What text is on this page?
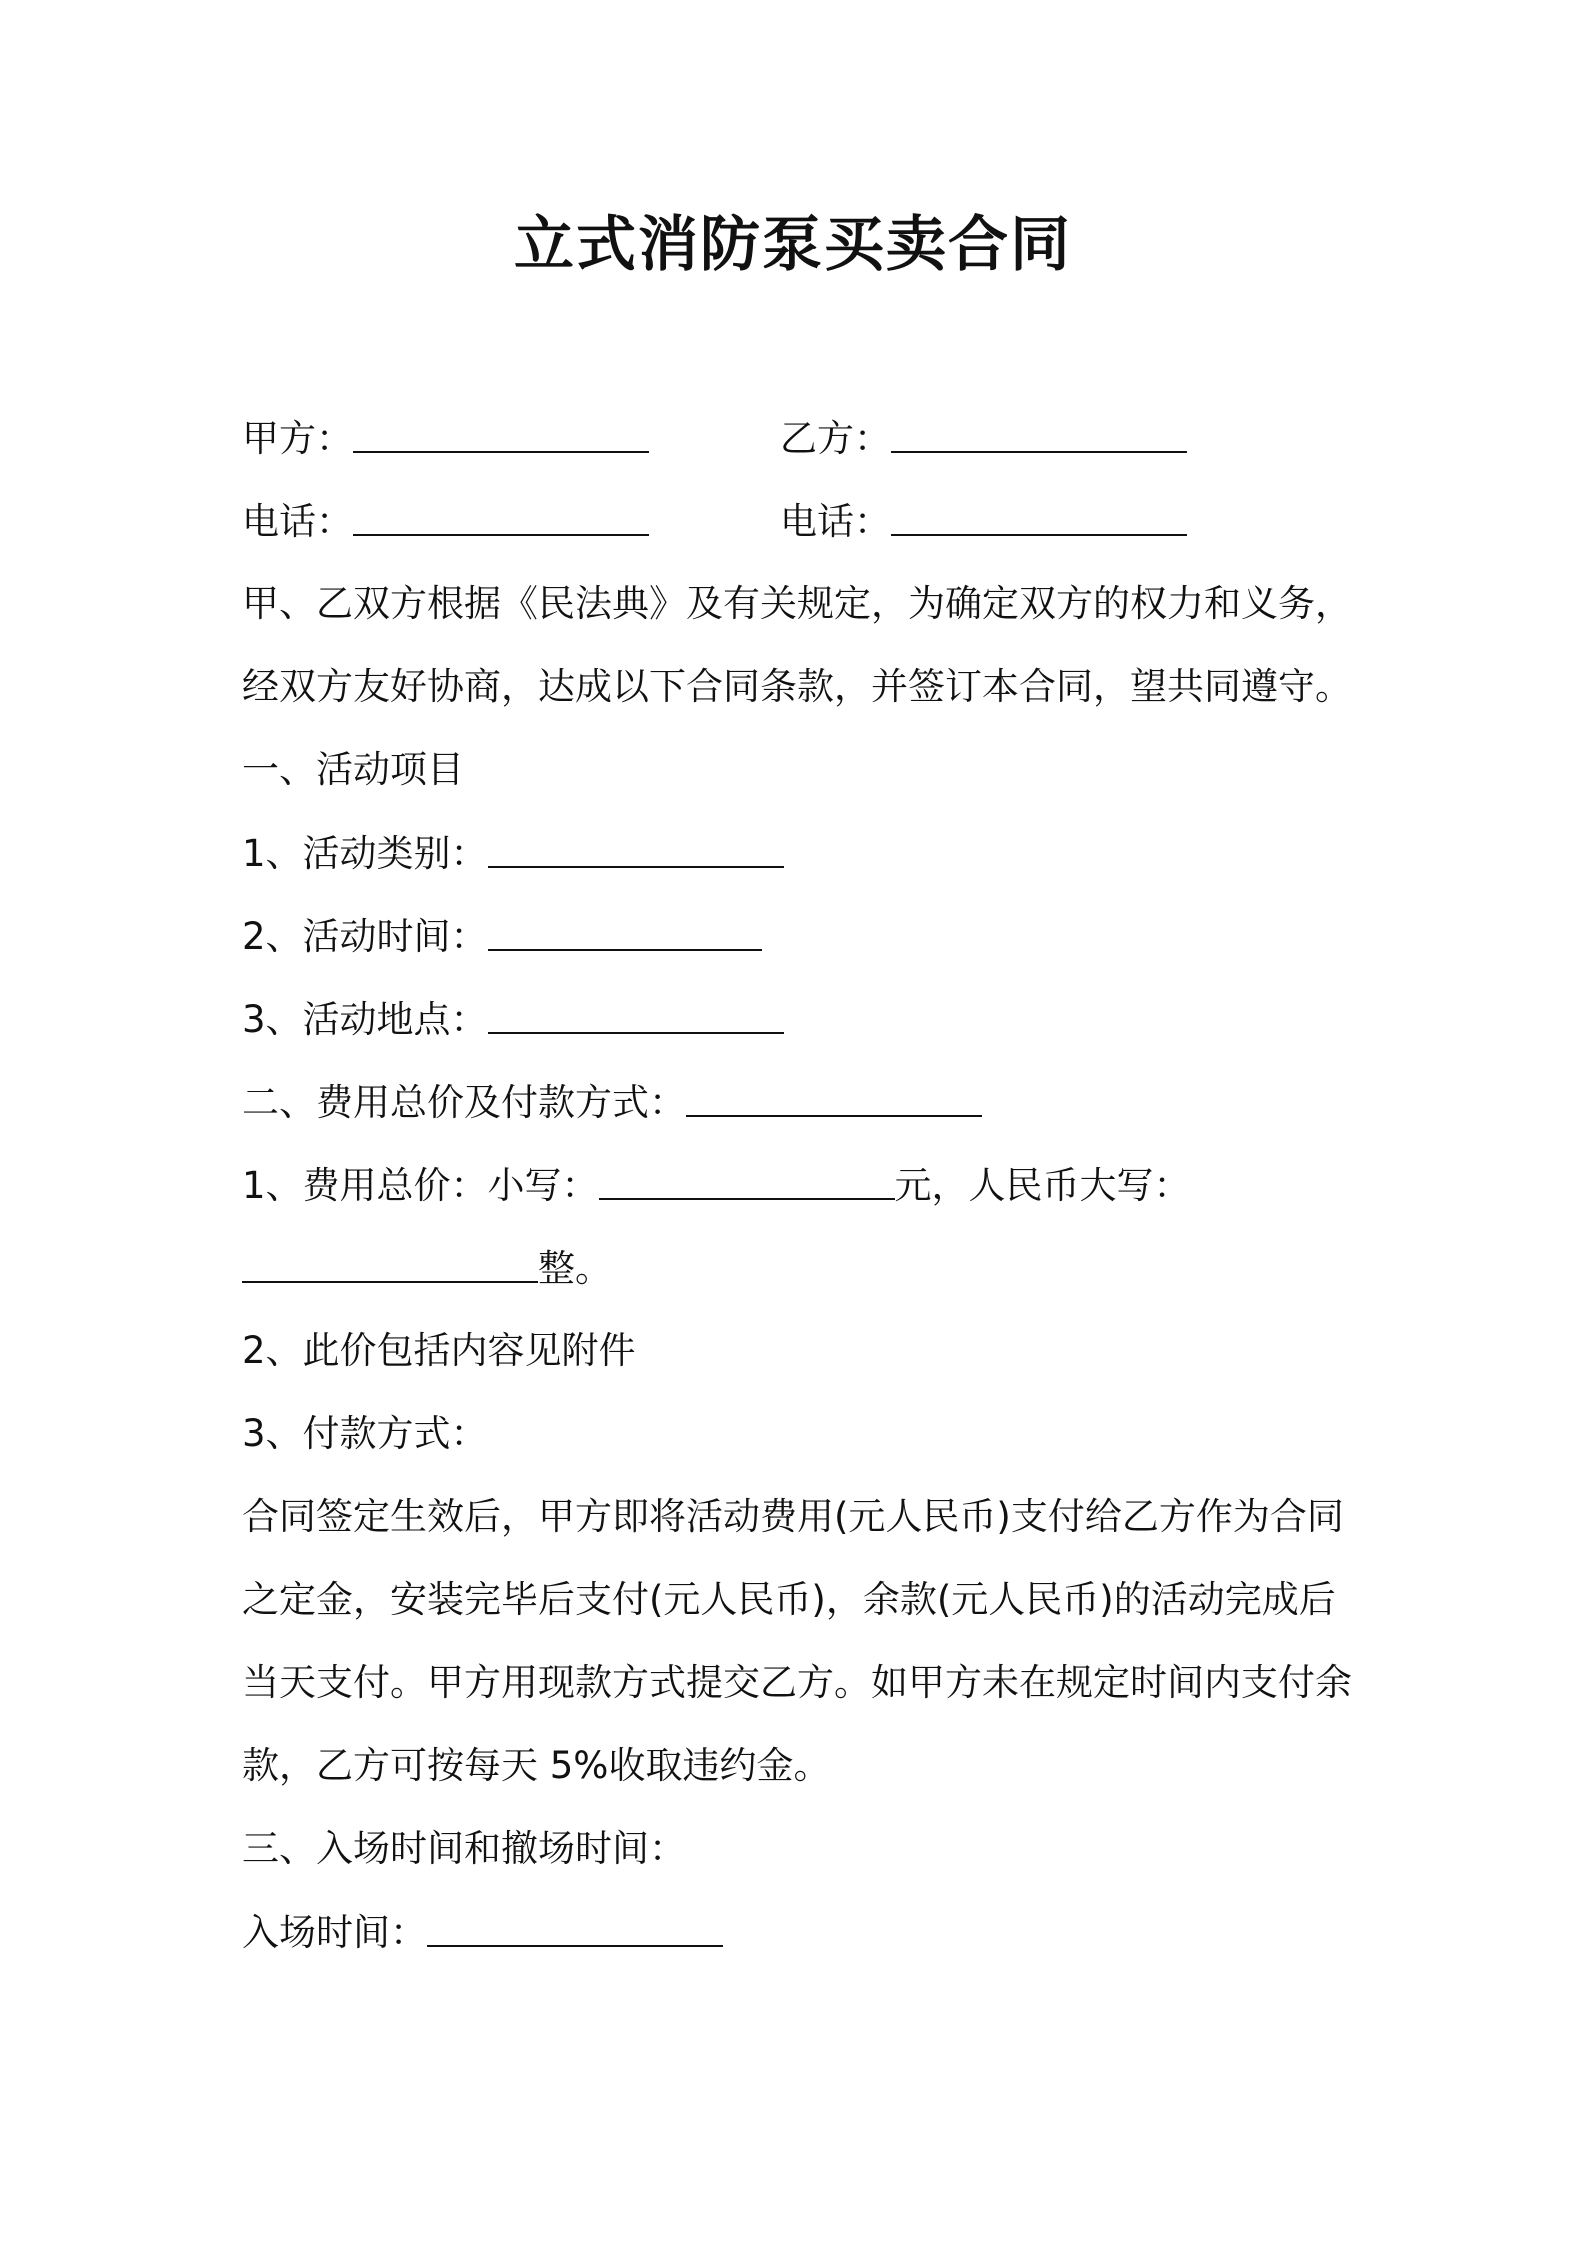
立式消防泵买卖合同
甲方：	乙方：
电话：	电话：
甲、乙双方根据《民法典》及有关规定，为确定双方的权力和义务，
经双方友好协商，达成以下合同条款，并签订本合同，望共同遵守。
一、活动项目
1、活动类别：
2、活动时间：
3、活动地点：
二、费用总价及付款方式：
1、费用总价：小写：	元，人民币大写：
整。
2、此价包括内容见附件
3、付款方式：
合同签定生效后，甲方即将活动费用(元人民币)支付给乙方作为合同
之定金，安装完毕后支付(元人民币)，余款(元人民币)的活动完成后
当天支付。甲方用现款方式提交乙方。如甲方未在规定时间内支付余
款，乙方可按每天 5%收取违约金。
三、入场时间和撤场时间：
入场时间：
